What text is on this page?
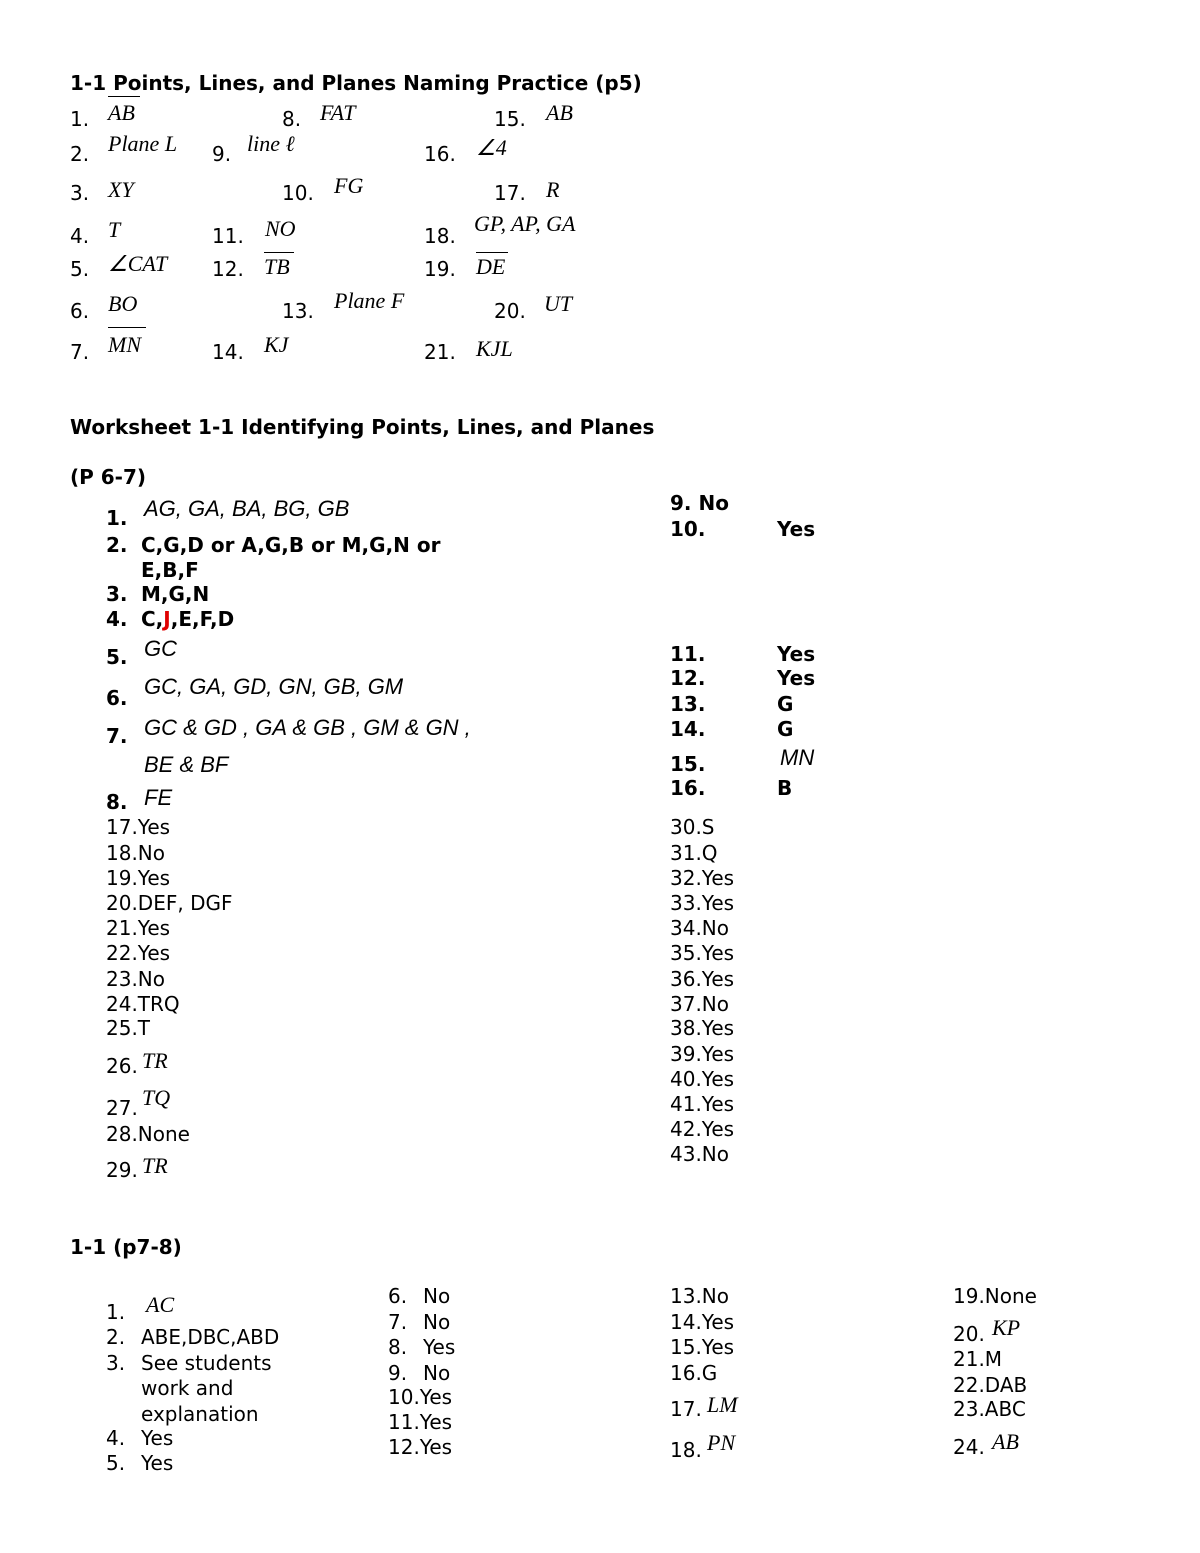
1-1 Points, Lines, and Planes Naming Practice (p5)
1. AB
2. Plane L
3. XY
4. T
5. ∠CAT
6. BO
7. MN
8. FAT
9. line ℓ
10. FG
11. NO
12. TB
13. Plane F
14. KJ
15. AB
16. ∠4
17. R
18. GP, AP, GA
19. DE
20. UT
21. KJL
Worksheet 1-1 Identifying Points, Lines, and Planes
(P 6-7)
1. AG, GA, BA, BG, GB
2. C,G,D or A,G,B or M,G,N or
E,B,F
3. M,G,N
4. C,J,E,F,D
5. GC
6. GC, GA, GD, GN, GB, GM
7. GC & GD , GA & GB , GM & GN ,
BE & BF
8. FE
9. No
10.	Yes
11.	Yes
12.	Yes
13.	G
14.	G
15.	MN
16.	B
17.Yes
18.No
19.Yes
20.DEF, DGF
21.Yes
22.Yes
23.No
24.TRQ
25.T
26. TR
27. TQ
28.None
29. TR
30.S
31.Q
32.Yes
33.Yes
34.No
35.Yes
36.Yes
37.No
38.Yes
39.Yes
40.Yes
41.Yes
42.Yes
43.No
1-1 (p7-8)
1. AC
2. ABE,DBC,ABD
3. See students
work and
explanation
4. Yes
5. Yes
6. No
7. No
8. Yes
9. No
10.Yes
11.Yes
12.Yes
13.No
14.Yes
15.Yes
16.G
17. LM
18. PN
19.None
20. KP
21.M
22.DAB
23.ABC
24. AB
